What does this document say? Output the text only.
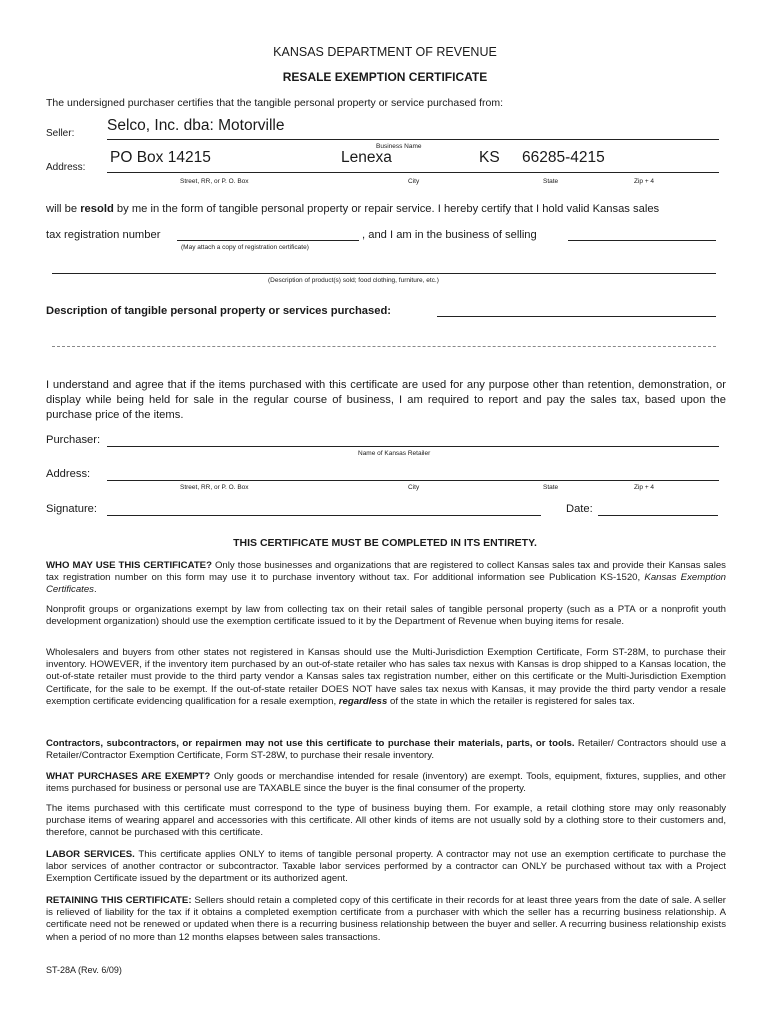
KANSAS DEPARTMENT OF REVENUE
RESALE EXEMPTION CERTIFICATE
The undersigned purchaser certifies that the tangible personal property or service purchased from:
Seller: Selco, Inc. dba: Motorville
Business Name
Address:
PO Box 14215	Lenexa	KS 66285-4215
Street, RR, or P. O. Box	City	State	Zip + 4
will be resold by me in the form of tangible personal property or repair service. I hereby certify that I hold valid Kansas sales
tax registration number	, and I am in the business of selling
(May attach a copy of registration certificate)
(Description of product(s) sold; food clothing, furniture, etc.)
Description of tangible personal property or services purchased:
I understand and agree that if the items purchased with this certificate are used for any purpose other than retention, demonstration, or display while being held for sale in the regular course of business, I am required to report and pay the sales tax, based upon the purchase price of the items.
Purchaser:
Name of Kansas Retailer
Address:
Street, RR, or P. O. Box	City	State	Zip + 4
Signature:	Date:
THIS CERTIFICATE MUST BE COMPLETED IN ITS ENTIRETY.
WHO MAY USE THIS CERTIFICATE? Only those businesses and organizations that are registered to collect Kansas sales tax and provide their Kansas sales tax registration number on this form may use it to purchase inventory without tax. For additional information see Publication KS-1520, Kansas Exemption Certificates.
Nonprofit groups or organizations exempt by law from collecting tax on their retail sales of tangible personal property (such as a PTA or a nonprofit youth development organization) should use the exemption certificate issued to it by the Department of Revenue when buying items for resale.
Wholesalers and buyers from other states not registered in Kansas should use the Multi-Jurisdiction Exemption Certificate, Form ST-28M, to purchase their inventory. HOWEVER, if the inventory item purchased by an out-of-state retailer who has sales tax nexus with Kansas is drop shipped to a Kansas location, the out-of-state retailer must provide to the third party vendor a Kansas sales tax registration number, either on this certificate or the Multi-Jurisdiction Exemption Certificate, for the sale to be exempt. If the out-of-state retailer DOES NOT have sales tax nexus with Kansas, it may provide the third party vendor a resale exemption certificate evidencing qualification for a resale exemption, regardless of the state in which the retailer is registered for sales tax.
Contractors, subcontractors, or repairmen may not use this certificate to purchase their materials, parts, or tools. Retailer/ Contractors should use a Retailer/Contractor Exemption Certificate, Form ST-28W, to purchase their resale inventory.
WHAT PURCHASES ARE EXEMPT? Only goods or merchandise intended for resale (inventory) are exempt. Tools, equipment, fixtures, supplies, and other items purchased for business or personal use are TAXABLE since the buyer is the final consumer of the property.
The items purchased with this certificate must correspond to the type of business buying them. For example, a retail clothing store may only reasonably purchase items of wearing apparel and accessories with this certificate. All other kinds of items are not usually sold by a clothing store to their customers and, therefore, cannot be purchased with this certificate.
LABOR SERVICES. This certificate applies ONLY to items of tangible personal property. A contractor may not use an exemption certificate to purchase the labor services of another contractor or subcontractor. Taxable labor services performed by a contractor can ONLY be purchased without tax with a Project Exemption Certificate issued by the department or its authorized agent.
RETAINING THIS CERTIFICATE: Sellers should retain a completed copy of this certificate in their records for at least three years from the date of sale. A seller is relieved of liability for the tax if it obtains a completed exemption certificate from a purchaser with which the seller has a recurring business relationship. A certificate need not be renewed or updated when there is a recurring business relationship between the buyer and seller. A recurring business relationship exists when a period of no more than 12 months elapses between sales transactions.
ST-28A (Rev. 6/09)
